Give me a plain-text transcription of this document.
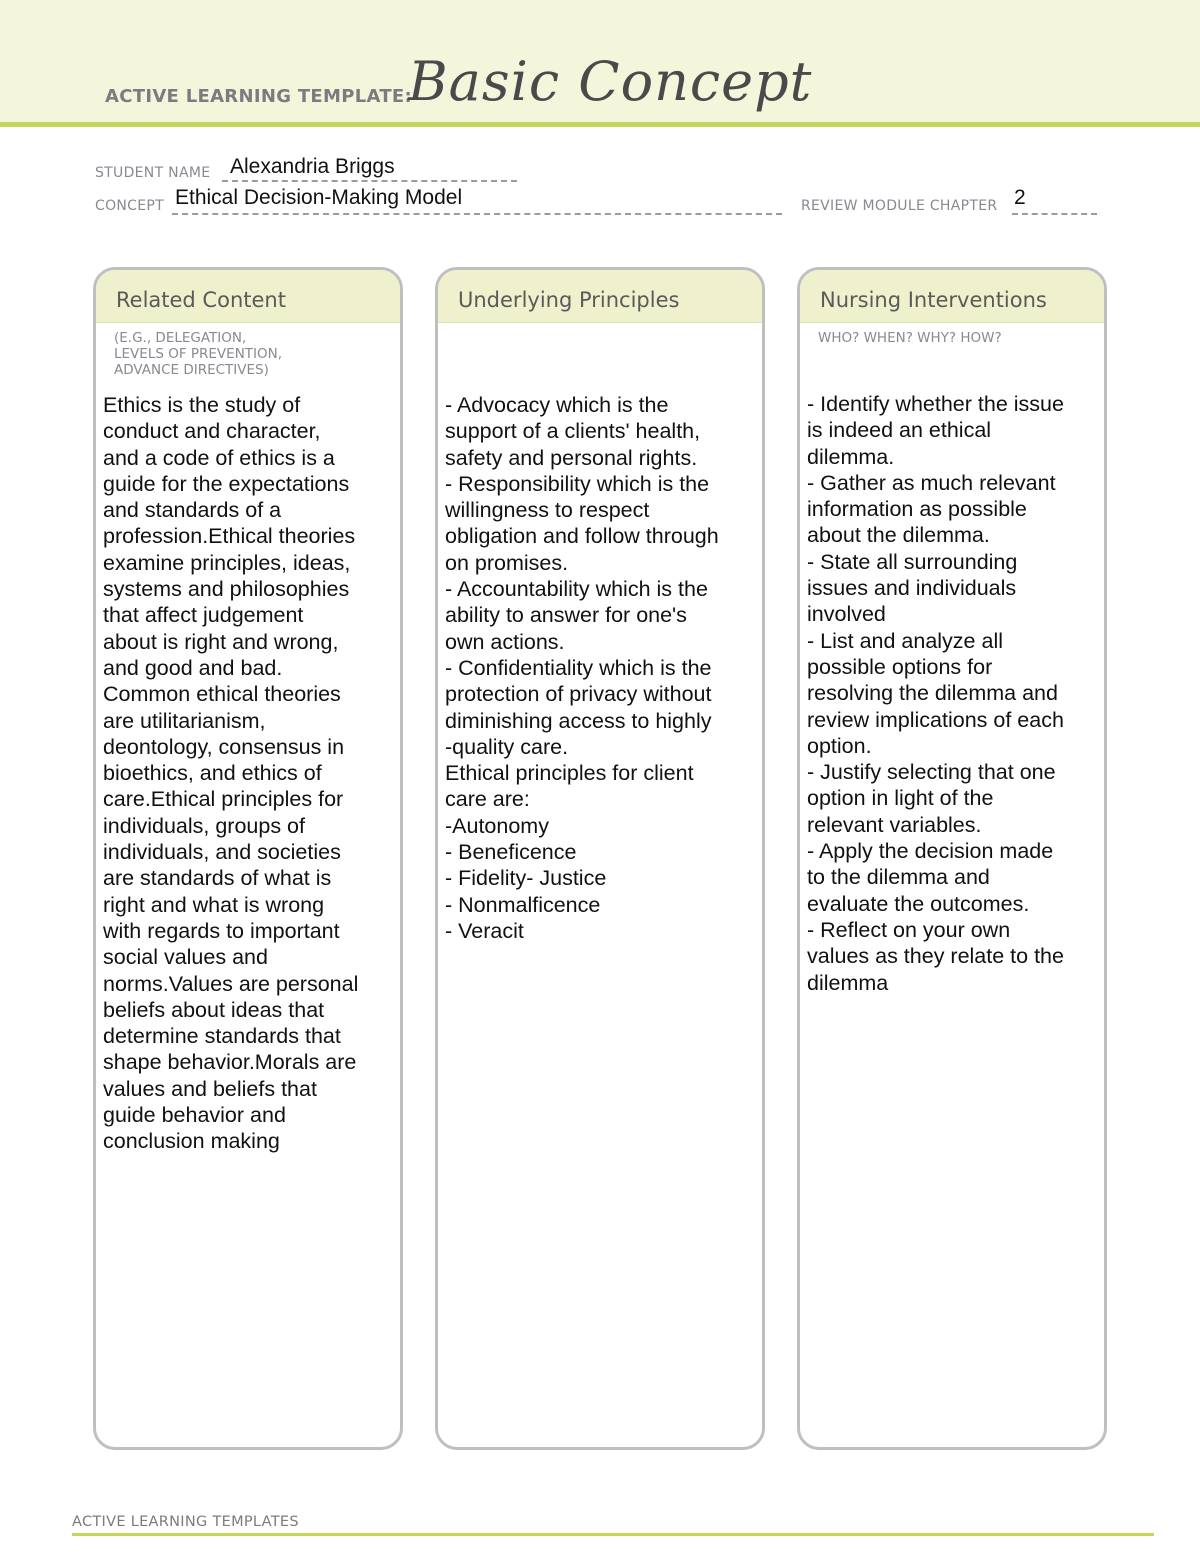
ACTIVE LEARNING TEMPLATE:
Basic Concept
STUDENT NAME Alexandria Briggs
CONCEPT Ethical Decision-Making Model	REVIEW MODULE CHAPTER 2
Related Content
(E.G., DELEGATION,
LEVELS OF PREVENTION,
ADVANCE DIRECTIVES)
Ethics is the study of
conduct and character,
and a code of ethics is a
guide for the expectations
and standards of a
profession.Ethical theories
examine principles, ideas,
systems and philosophies
that affect judgement
about is right and wrong,
and good and bad.
Common ethical theories
are utilitarianism,
deontology, consensus in
bioethics, and ethics of
care.Ethical principles for
individuals, groups of
individuals, and societies
are standards of what is
right and what is wrong
with regards to important
social values and
norms.Values are personal
beliefs about ideas that
determine standards that
shape behavior.Morals are
values and beliefs that
guide behavior and
conclusion making
Underlying Principles
- Advocacy which is the
support of a clients' health,
safety and personal rights.
- Responsibility which is the
willingness to respect
obligation and follow through
on promises.
- Accountability which is the
ability to answer for one's
own actions.
- Confidentiality which is the
protection of privacy without
diminishing access to highly
-quality care.
Ethical principles for client
care are:
-Autonomy
- Beneficence
- Fidelity- Justice
- Nonmalficence
- Veracit
Nursing Interventions
WHO? WHEN? WHY? HOW?
- Identify whether the issue
is indeed an ethical
dilemma.
- Gather as much relevant
information as possible
about the dilemma.
- State all surrounding
issues and individuals
involved
- List and analyze all
possible options for
resolving the dilemma and
review implications of each
option.
- Justify selecting that one
option in light of the
relevant variables.
- Apply the decision made
to the dilemma and
evaluate the outcomes.
- Reflect on your own
values as they relate to the
dilemma
ACTIVE LEARNING TEMPLATES
